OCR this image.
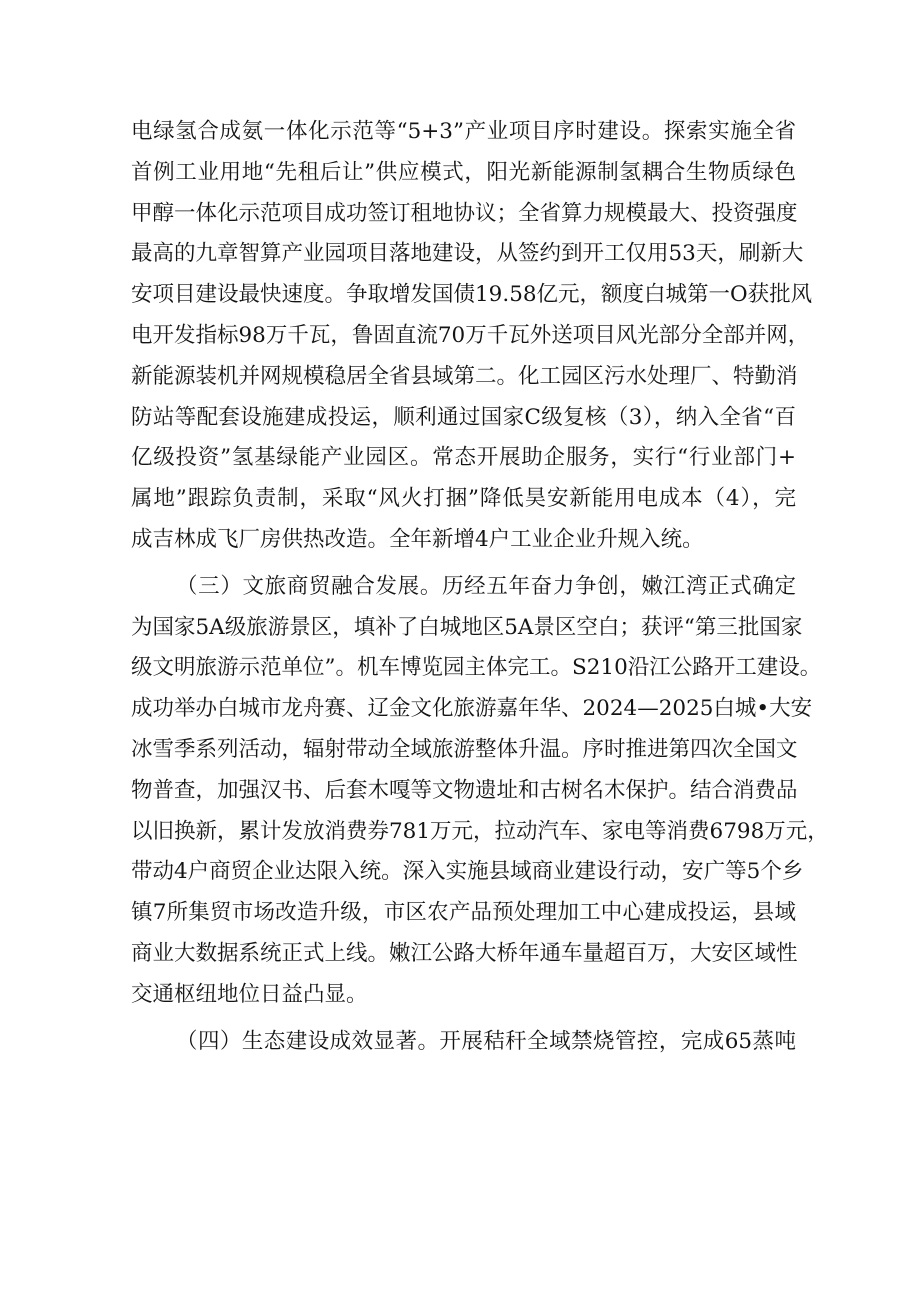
电绿氢合成氨一体化示范等“5+3”产业项目序时建设。探索实施全省
首例工业用地“先租后让”供应模式，阳光新能源制氢耦合生物质绿色
甲醇一体化示范项目成功签订租地协议；全省算力规模最大、投资强度
最高的九章智算产业园项目落地建设，从签约到开工仅用53天，刷新大
安项目建设最快速度。争取增发国债19.58亿元，额度白城第一O获批风
电开发指标98万千瓦，鲁固直流70万千瓦外送项目风光部分全部并网，
新能源装机并网规模稳居全省县域第二。化工园区污水处理厂、特勤消
防站等配套设施建成投运，顺利通过国家C级复核（3），纳入全省“百
亿级投资”氢基绿能产业园区。常态开展助企服务，实行“行业部门+
属地”跟踪负责制，采取“风火打捆”降低昊安新能用电成本（4），完
成吉林成飞厂房供热改造。全年新增4户工业企业升规入统。
（三）文旅商贸融合发展。历经五年奋力争创，嫩江湾正式确定
为国家5A级旅游景区，填补了白城地区5A景区空白；获评“第三批国家
级文明旅游示范单位”。机车博览园主体完工。S210沿江公路开工建设。
成功举办白城市龙舟赛、辽金文化旅游嘉年华、2024—2025白城•大安
冰雪季系列活动，辐射带动全域旅游整体升温。序时推进第四次全国文
物普查，加强汉书、后套木嘎等文物遗址和古树名木保护。结合消费品
以旧换新，累计发放消费券781万元，拉动汽车、家电等消费6798万元，
带动4户商贸企业达限入统。深入实施县域商业建设行动，安广等5个乡
镇7所集贸市场改造升级，市区农产品预处理加工中心建成投运，县域
商业大数据系统正式上线。嫩江公路大桥年通车量超百万，大安区域性
交通枢纽地位日益凸显。
（四）生态建设成效显著。开展秸秆全域禁烧管控，完成65蒸吨
